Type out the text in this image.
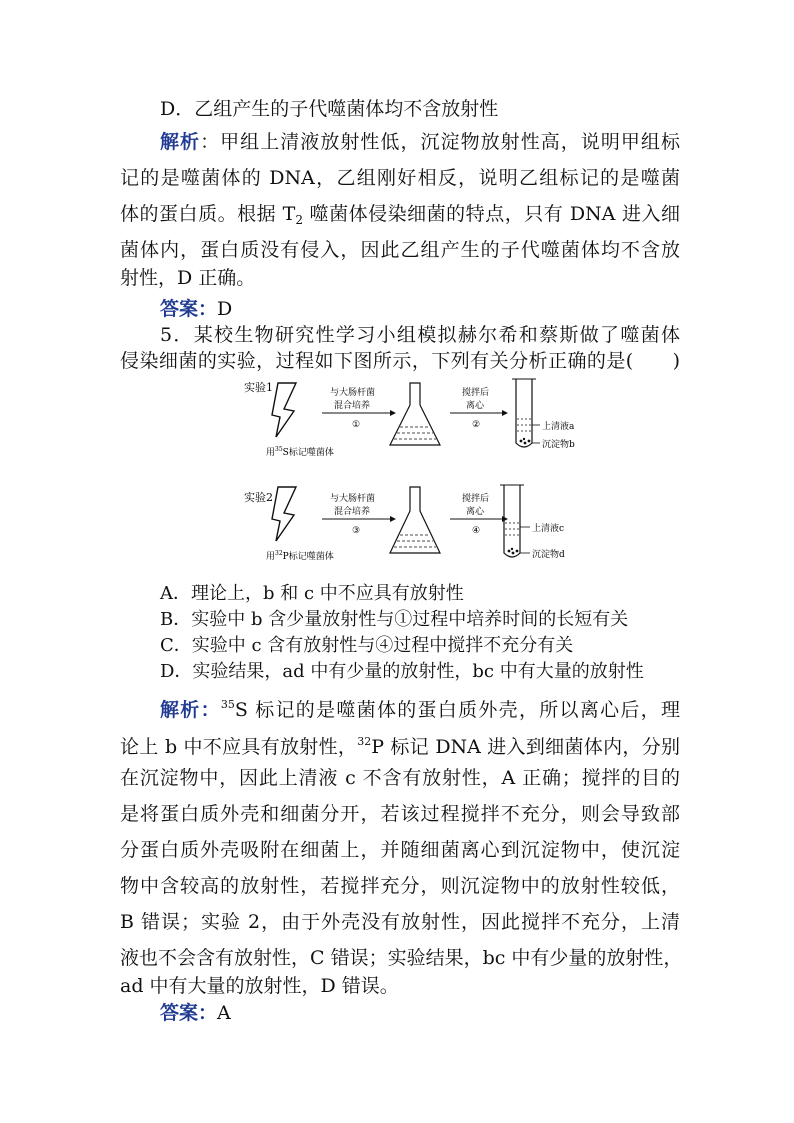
D．乙组产生的子代噬菌体均不含放射性
解析：甲组上清液放射性低，沉淀物放射性高，说明甲组标
记的是噬菌体的 DNA，乙组刚好相反，说明乙组标记的是噬菌
体的蛋白质。根据 $T_2$ 噬菌体侵染细菌的特点，只有 DNA 进入细
菌体内，蛋白质没有侵入，因此乙组产生的子代噬菌体均不含放
射性，D 正确。
答案：D
5．某校生物研究性学习小组模拟赫尔希和蔡斯做了噬菌体
侵染细菌的实验，过程如下图所示，下列有关分析正确的是(　　)
实验1
用$^{35}$S标记噬菌体
与大肠杆菌
混合培养
①
搅拌后
离心
②	上清液a
沉淀物b
实验2
用$^{32}$P标记噬菌体
与大肠杆菌
混合培养
③
搅拌后
离心
④	上清液c
沉淀物d
A．理论上，b 和 c 中不应具有放射性
B．实验中 b 含少量放射性与①过程中培养时间的长短有关
C．实验中 c 含有放射性与④过程中搅拌不充分有关
D．实验结果，ad 中有少量的放射性，bc 中有大量的放射性
解析：$^{35}$S 标记的是噬菌体的蛋白质外壳，所以离心后，理
论上 b 中不应具有放射性，$^{32}$P 标记 DNA 进入到细菌体内，分别
在沉淀物中，因此上清液 c 不含有放射性，A 正确；搅拌的目的
是将蛋白质外壳和细菌分开，若该过程搅拌不充分，则会导致部
分蛋白质外壳吸附在细菌上，并随细菌离心到沉淀物中，使沉淀
物中含较高的放射性，若搅拌充分，则沉淀物中的放射性较低，
B 错误；实验 2，由于外壳没有放射性，因此搅拌不充分，上清
液也不会含有放射性，C 错误；实验结果，bc 中有少量的放射性，
ad 中有大量的放射性，D 错误。
答案：A
